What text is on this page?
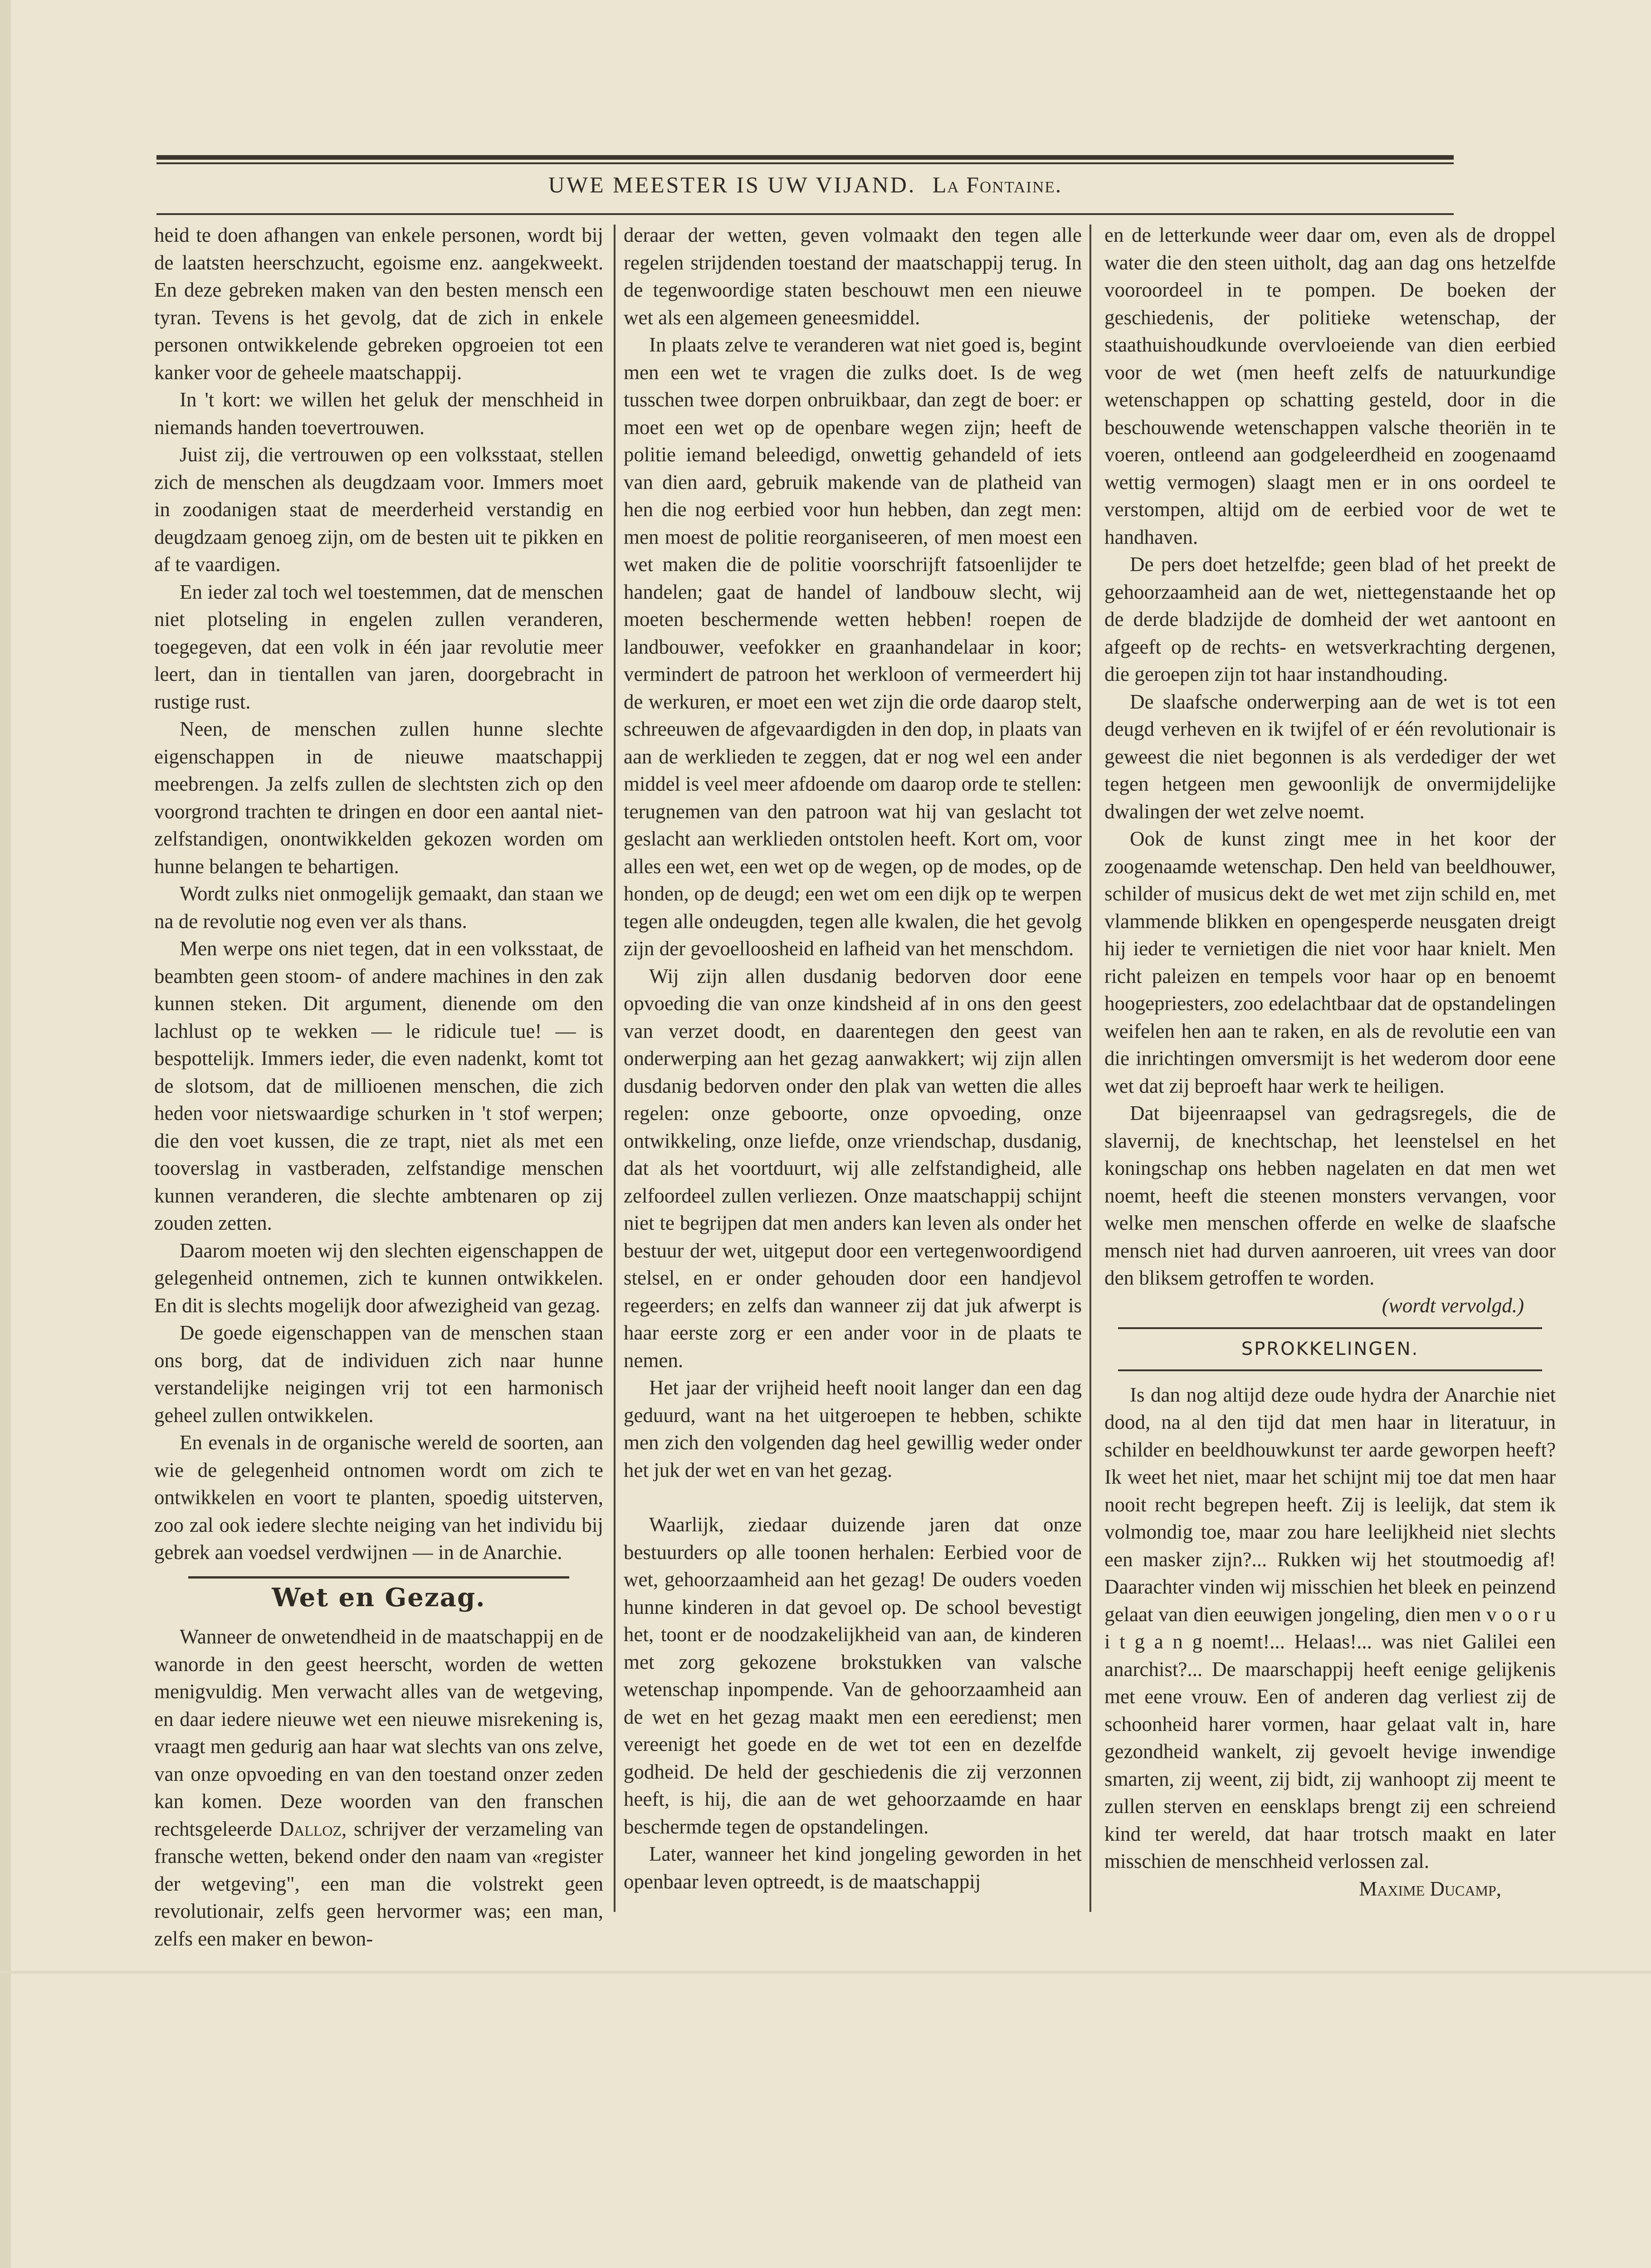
UWE MEESTER IS UW VIJAND. La Fontaine.

heid te doen afhangen van enkele personen, wordt bij de laatsten heerschzucht, egoisme enz. aangekweekt. En deze gebreken maken van den besten mensch een tyran. Tevens is het gevolg, dat de zich in enkele personen ontwikkelende gebreken opgroeien tot een kanker voor de geheele maatschappij.

In 't kort: we willen het geluk der menschheid in niemands handen toevertrouwen.

Juist zij, die vertrouwen op een volksstaat, stellen zich de menschen als deugdzaam voor. Immers moet in zoodanigen staat de meerderheid verstandig en deugdzaam genoeg zijn, om de besten uit te pikken en af te vaardigen.

En ieder zal toch wel toestemmen, dat de menschen niet plotseling in engelen zullen veranderen, toegegeven, dat een volk in één jaar revolutie meer leert, dan in tientallen van jaren, doorgebracht in rustige rust.

Neen, de menschen zullen hunne slechte eigenschappen in de nieuwe maatschappij meebrengen. Ja zelfs zullen de slechtsten zich op den voorgrond trachten te dringen en door een aantal niet-zelfstandigen, onontwikkelden gekozen worden om hunne belangen te behartigen.

Wordt zulks niet onmogelijk gemaakt, dan staan we na de revolutie nog even ver als thans.

Men werpe ons niet tegen, dat in een volksstaat, de beambten geen stoom- of andere machines in den zak kunnen steken. Dit argument, dienende om den lachlust op te wekken — le ridicule tue! — is bespottelijk. Immers ieder, die even nadenkt, komt tot de slotsom, dat de millioenen menschen, die zich heden voor nietswaardige schurken in 't stof werpen; die den voet kussen, die ze trapt, niet als met een tooverslag in vastberaden, zelfstandige menschen kunnen veranderen, die slechte ambtenaren op zij zouden zetten.

Daarom moeten wij den slechten eigenschappen de gelegenheid ontnemen, zich te kunnen ontwikkelen. En dit is slechts mogelijk door afwezigheid van gezag.

De goede eigenschappen van de menschen staan ons borg, dat de individuen zich naar hunne verstandelijke neigingen vrij tot een harmonisch geheel zullen ontwikkelen.

En evenals in de organische wereld de soorten, aan wie de gelegenheid ontnomen wordt om zich te ontwikkelen en voort te planten, spoedig uitsterven, zoo zal ook iedere slechte neiging van het individu bij gebrek aan voedsel verdwijnen — in de Anarchie.

Wet en Gezag.

Wanneer de onwetendheid in de maatschappij en de wanorde in den geest heerscht, worden de wetten menigvuldig. Men verwacht alles van de wetgeving, en daar iedere nieuwe wet een nieuwe misrekening is, vraagt men gedurig aan haar wat slechts van ons zelve, van onze opvoeding en van den toestand onzer zeden kan komen. Deze woorden van den franschen rechtsgeleerde Dalloz, schrijver der verzameling van fransche wetten, bekend onder den naam van «register der wetgeving", een man die volstrekt geen revolutionair, zelfs geen hervormer was; een man, zelfs een maker en bewon-

deraar der wetten, geven volmaakt den tegen alle regelen strijdenden toestand der maatschappij terug. In de tegenwoordige staten beschouwt men een nieuwe wet als een algemeen geneesmiddel.

In plaats zelve te veranderen wat niet goed is, begint men een wet te vragen die zulks doet. Is de weg tusschen twee dorpen onbruikbaar, dan zegt de boer: er moet een wet op de openbare wegen zijn; heeft de politie iemand beleedigd, onwettig gehandeld of iets van dien aard, gebruik makende van de platheid van hen die nog eerbied voor hun hebben, dan zegt men: men moest de politie reorganiseeren, of men moest een wet maken die de politie voorschrijft fatsoenlijder te handelen; gaat de handel of landbouw slecht, wij moeten beschermende wetten hebben! roepen de landbouwer, veefokker en graanhandelaar in koor; vermindert de patroon het werkloon of vermeerdert hij de werkuren, er moet een wet zijn die orde daarop stelt, schreeuwen de afgevaardigden in den dop, in plaats van aan de werklieden te zeggen, dat er nog wel een ander middel is veel meer afdoende om daarop orde te stellen: terugnemen van den patroon wat hij van geslacht tot geslacht aan werklieden ontstolen heeft. Kort om, voor alles een wet, een wet op de wegen, op de modes, op de honden, op de deugd; een wet om een dijk op te werpen tegen alle ondeugden, tegen alle kwalen, die het gevolg zijn der gevoelloosheid en lafheid van het menschdom.

Wij zijn allen dusdanig bedorven door eene opvoeding die van onze kindsheid af in ons den geest van verzet doodt, en daarentegen den geest van onderwerping aan het gezag aanwakkert; wij zijn allen dusdanig bedorven onder den plak van wetten die alles regelen: onze geboorte, onze opvoeding, onze ontwikkeling, onze liefde, onze vriendschap, dusdanig, dat als het voortduurt, wij alle zelfstandigheid, alle zelfoordeel zullen verliezen. Onze maatschappij schijnt niet te begrijpen dat men anders kan leven als onder het bestuur der wet, uitgeput door een vertegenwoordigend stelsel, en er onder gehouden door een handjevol regeerders; en zelfs dan wanneer zij dat juk afwerpt is haar eerste zorg er een ander voor in de plaats te nemen.

Het jaar der vrijheid heeft nooit langer dan een dag geduurd, want na het uitgeroepen te hebben, schikte men zich den volgenden dag heel gewillig weder onder het juk der wet en van het gezag.

Waarlijk, ziedaar duizende jaren dat onze bestuurders op alle toonen herhalen: Eerbied voor de wet, gehoorzaamheid aan het gezag! De ouders voeden hunne kinderen in dat gevoel op. De school bevestigt het, toont er de noodzakelijkheid van aan, de kinderen met zorg gekozene brokstukken van valsche wetenschap inpompende. Van de gehoorzaamheid aan de wet en het gezag maakt men een eeredienst; men vereenigt het goede en de wet tot een en dezelfde godheid. De held der geschiedenis die zij verzonnen heeft, is hij, die aan de wet gehoorzaamde en haar beschermde tegen de opstandelingen.

Later, wanneer het kind jongeling geworden in het openbaar leven optreedt, is de maatschappij

en de letterkunde weer daar om, even als de droppel water die den steen uitholt, dag aan dag ons hetzelfde vooroordeel in te pompen. De boeken der geschiedenis, der politieke wetenschap, der staathuishoudkunde overvloeiende van dien eerbied voor de wet (men heeft zelfs de natuurkundige wetenschappen op schatting gesteld, door in die beschouwende wetenschappen valsche theoriën in te voeren, ontleend aan godgeleerdheid en zoogenaamd wettig vermogen) slaagt men er in ons oordeel te verstompen, altijd om de eerbied voor de wet te handhaven.

De pers doet hetzelfde; geen blad of het preekt de gehoorzaamheid aan de wet, niettegenstaande het op de derde bladzijde de domheid der wet aantoont en afgeeft op de rechts- en wetsverkrachting dergenen, die geroepen zijn tot haar instandhouding.

De slaafsche onderwerping aan de wet is tot een deugd verheven en ik twijfel of er één revolutionair is geweest die niet begonnen is als verdediger der wet tegen hetgeen men gewoonlijk de onvermijdelijke dwalingen der wet zelve noemt.

Ook de kunst zingt mee in het koor der zoogenaamde wetenschap. Den held van beeldhouwer, schilder of musicus dekt de wet met zijn schild en, met vlammende blikken en opengesperde neusgaten dreigt hij ieder te vernietigen die niet voor haar knielt. Men richt paleizen en tempels voor haar op en benoemt hoogepriesters, zoo edelachtbaar dat de opstandelingen weifelen hen aan te raken, en als de revolutie een van die inrichtingen omversmijt is het wederom door eene wet dat zij beproeft haar werk te heiligen.

Dat bijeenraapsel van gedragsregels, die de slavernij, de knechtschap, het leenstelsel en het koningschap ons hebben nagelaten en dat men wet noemt, heeft die steenen monsters vervangen, voor welke men menschen offerde en welke de slaafsche mensch niet had durven aanroeren, uit vrees van door den bliksem getroffen te worden.

(wordt vervolgd.)

SPROKKELINGEN.

Is dan nog altijd deze oude hydra der Anarchie niet dood, na al den tijd dat men haar in literatuur, in schilder en beeldhouwkunst ter aarde geworpen heeft? Ik weet het niet, maar het schijnt mij toe dat men haar nooit recht begrepen heeft. Zij is leelijk, dat stem ik volmondig toe, maar zou hare leelijkheid niet slechts een masker zijn?... Rukken wij het stoutmoedig af! Daarachter vinden wij misschien het bleek en peinzend gelaat van dien eeuwigen jongeling, dien men v o o r u i t g a n g noemt!... Helaas!... was niet Galilei een anarchist?... De maarschappij heeft eenige gelijkenis met eene vrouw. Een of anderen dag verliest zij de schoonheid harer vormen, haar gelaat valt in, hare gezondheid wankelt, zij gevoelt hevige inwendige smarten, zij weent, zij bidt, zij wanhoopt zij meent te zullen sterven en eensklaps brengt zij een schreiend kind ter wereld, dat haar trotsch maakt en later misschien de menschheid verlossen zal.

Maxime Ducamp,
